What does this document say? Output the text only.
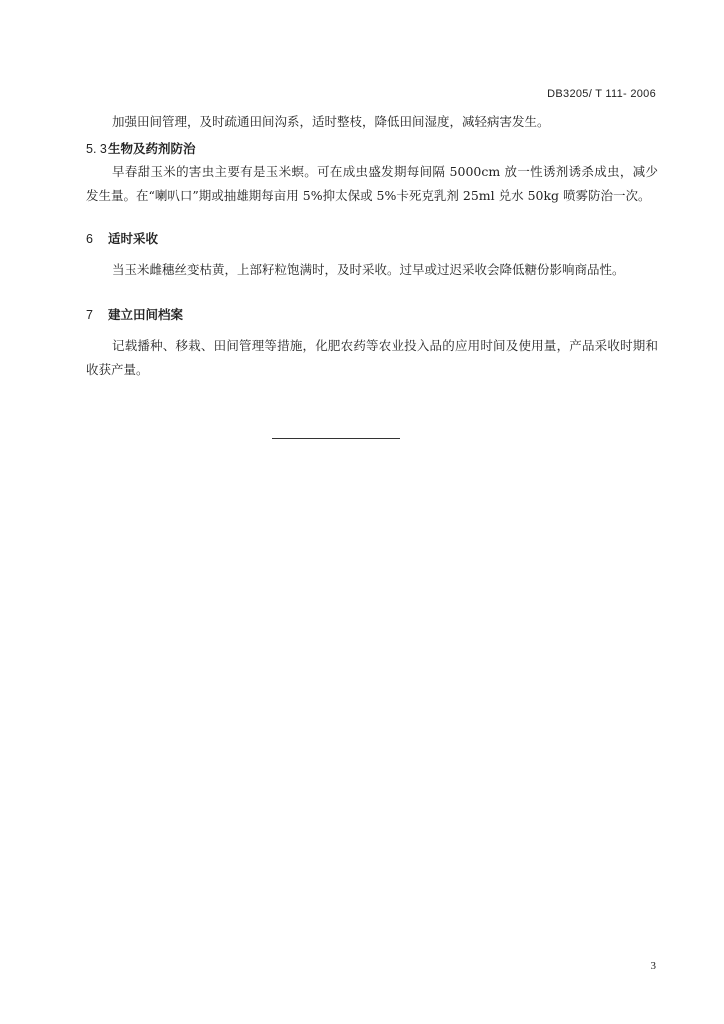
DB3205/ T 111- 2006

加强田间管理，及时疏通田间沟系，适时整枝，降低田间湿度，减轻病害发生。

5. 3生物及药剂防治

早春甜玉米的害虫主要有是玉米螟。可在成虫盛发期每间隔 5000cm 放一性诱剂诱杀成虫，减少发生量。在“喇叭口”期或抽雄期每亩用 5%抑太保或 5%卡死克乳剂 25ml 兑水 50kg 喷雾防治一次。

6 适时采收

当玉米雌穗丝变枯黄，上部籽粒饱满时，及时采收。过早或过迟采收会降低糖份影响商品性。

7 建立田间档案

记载播种、移栽、田间管理等措施，化肥农药等农业投入品的应用时间及使用量，产品采收时期和收获产量。

3
